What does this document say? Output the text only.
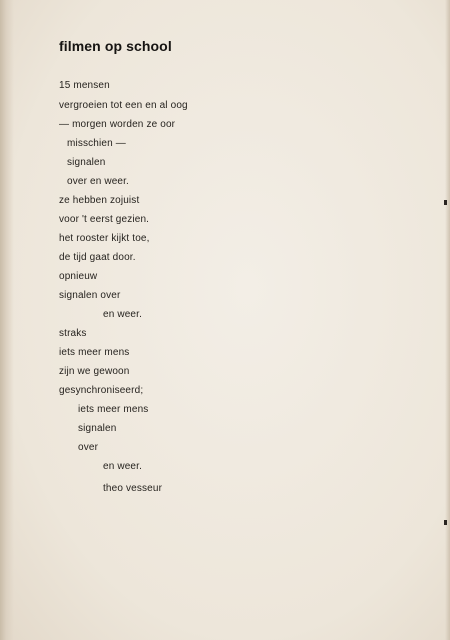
filmen op school
15 mensen
vergroeien tot een en al oog
— morgen worden ze oor
misschien —
signalen
over en weer.
ze hebben zojuist
voor 't eerst gezien.
het rooster kijkt toe,
de tijd gaat door.
opnieuw
signalen over
en weer.
straks
iets meer mens
zijn we gewoon
gesynchroniseerd;
iets meer mens
signalen
over
en weer.
theo vesseur
